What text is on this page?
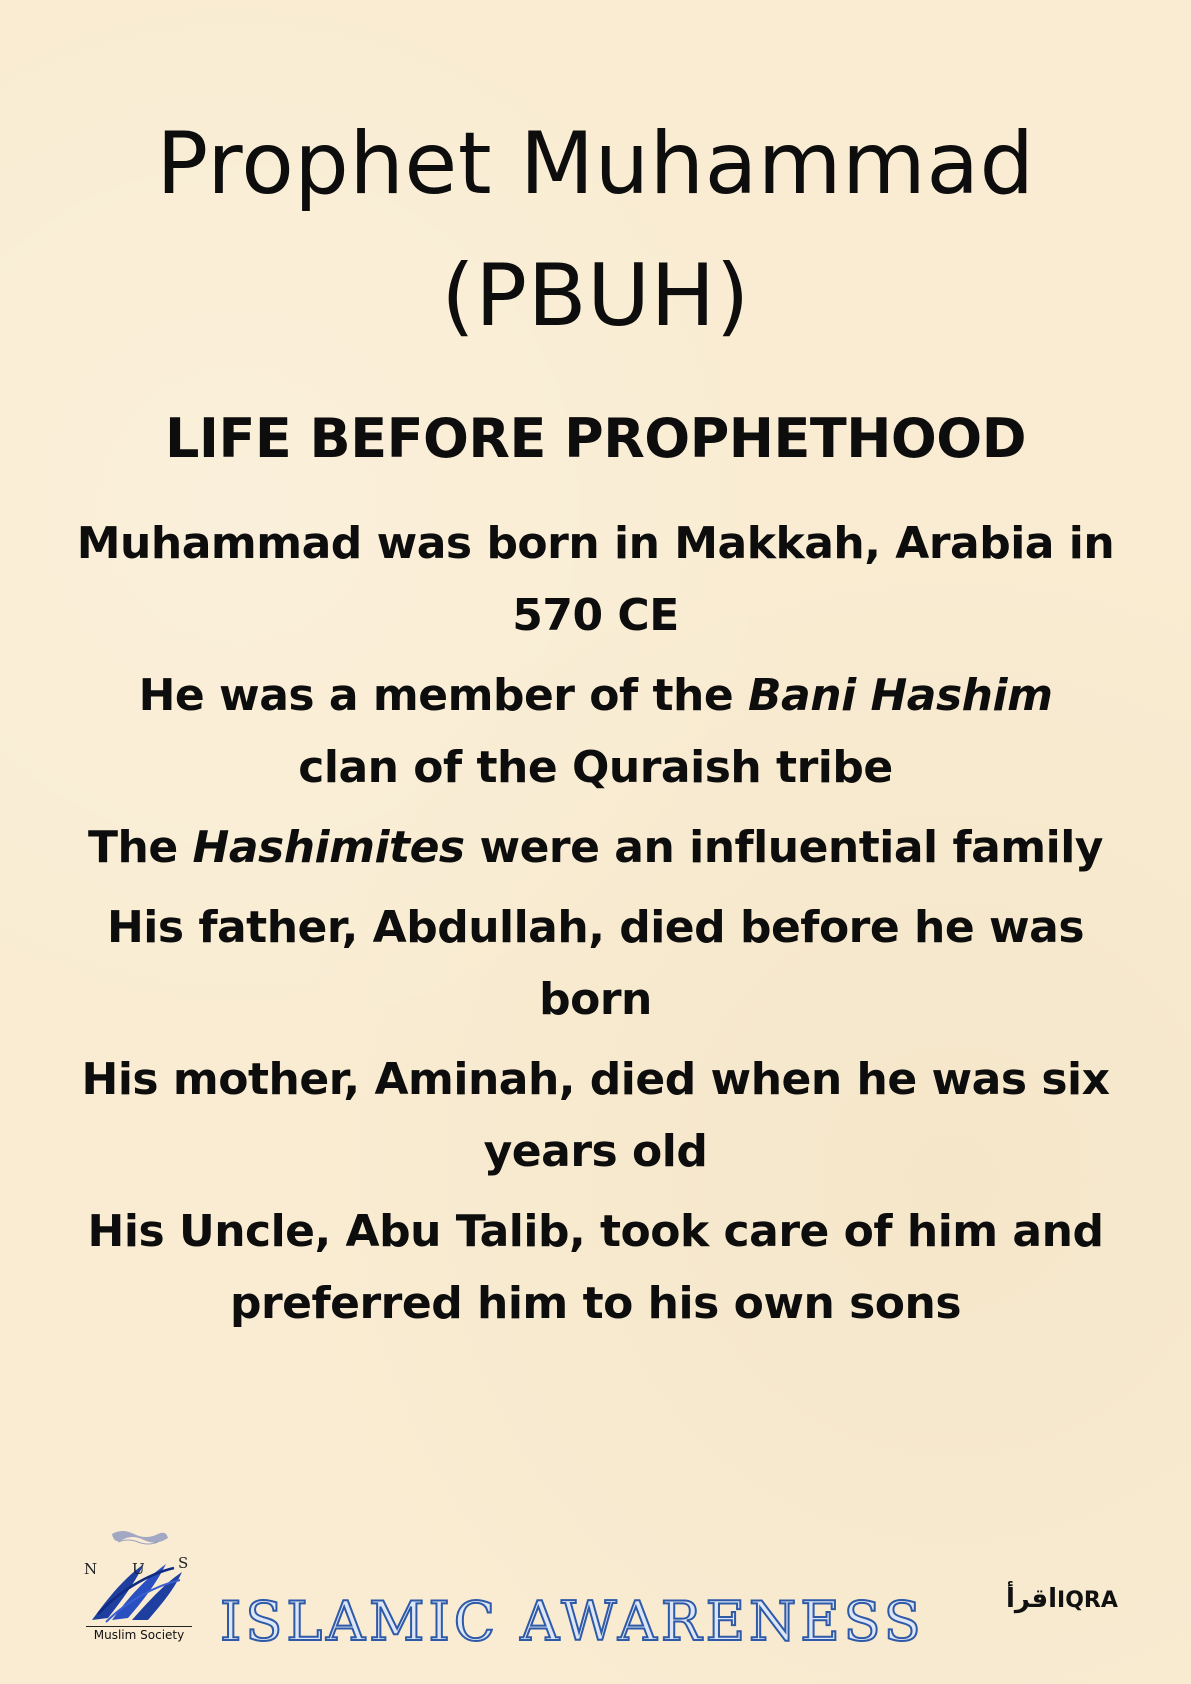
Prophet Muhammad
(PBUH)
LIFE BEFORE PROPHETHOOD
Muhammad was born in Makkah, Arabia in 570 CE
He was a member of the Bani Hashim
clan of the Quraish tribe
The Hashimites were an influential family
His father, Abdullah, died before he was born
His mother, Aminah, died when he was six years old
His Uncle, Abu Talib, took care of him and preferred him to his own sons
N U S
Muslim Society ISLAMIC AWARENESS	اقرأIQRA
